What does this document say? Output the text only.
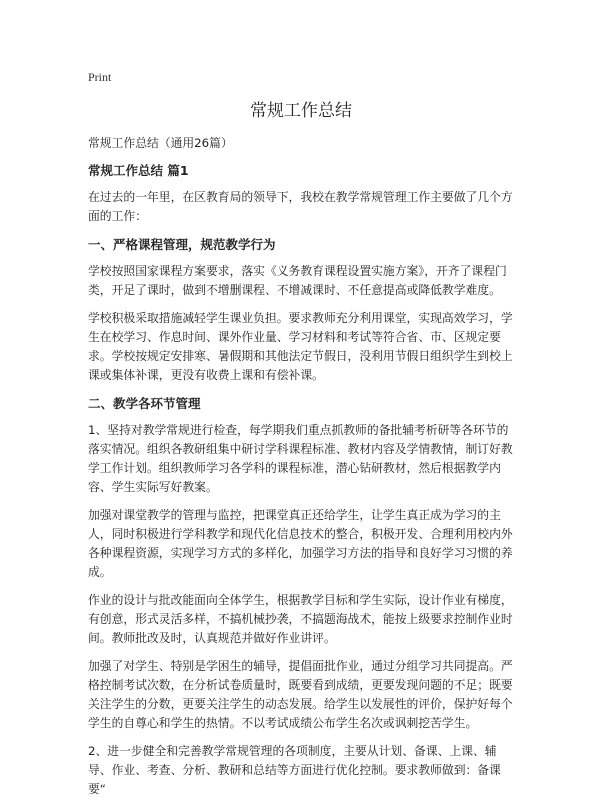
Print
常规工作总结
常规工作总结（通用26篇）
常规工作总结 篇1

在过去的一年里，在区教育局的领导下，我校在教学常规管理工作主要做了几个方面的工作：

一、严格课程管理，规范教学行为

学校按照国家课程方案要求，落实《义务教育课程设置实施方案》，开齐了课程门类，开足了课时，做到不增删课程、不增减课时、不任意提高或降低教学难度。

学校积极采取措施减轻学生课业负担。要求教师充分利用课堂，实现高效学习，学生在校学习、作息时间、课外作业量、学习材料和考试等符合省、市、区规定要求。学校按规定安排寒、暑假期和其他法定节假日，没利用节假日组织学生到校上课或集体补课，更没有收费上课和有偿补课。

二、教学各环节管理

1、坚持对教学常规进行检查，每学期我们重点抓教师的备批辅考析研等各环节的落实情况。组织各教研组集中研讨学科课程标准、教材内容及学情教情，制订好教学工作计划。组织教师学习各学科的课程标准，潜心钻研教材，然后根据教学内容、学生实际写好教案。

加强对课堂教学的管理与监控，把课堂真正还给学生，让学生真正成为学习的主人，同时积极进行学科教学和现代化信息技术的整合，积极开发、合理利用校内外各种课程资源，实现学习方式的多样化，加强学习方法的指导和良好学习习惯的养成。

作业的设计与批改能面向全体学生，根据教学目标和学生实际，设计作业有梯度，有创意，形式灵活多样，不搞机械抄袭，不搞题海战术，能按上级要求控制作业时间。教师批改及时，认真规范并做好作业讲评。

加强了对学生、特别是学困生的辅导，提倡面批作业，通过分组学习共同提高。严格控制考试次数，在分析试卷质量时，既要看到成绩，更要发现问题的不足；既要关注学生的分数，更要关注学生的动态发展。给学生以发展性的评价，保护好每个学生的自尊心和学生的热情。不以考试成绩公布学生名次或讽刺挖苦学生。

2、进一步健全和完善教学常规管理的各项制度，主要从计划、备课、上课、辅导、作业、考查、分析、教研和总结等方面进行优化控制。要求教师做到：备课要“
